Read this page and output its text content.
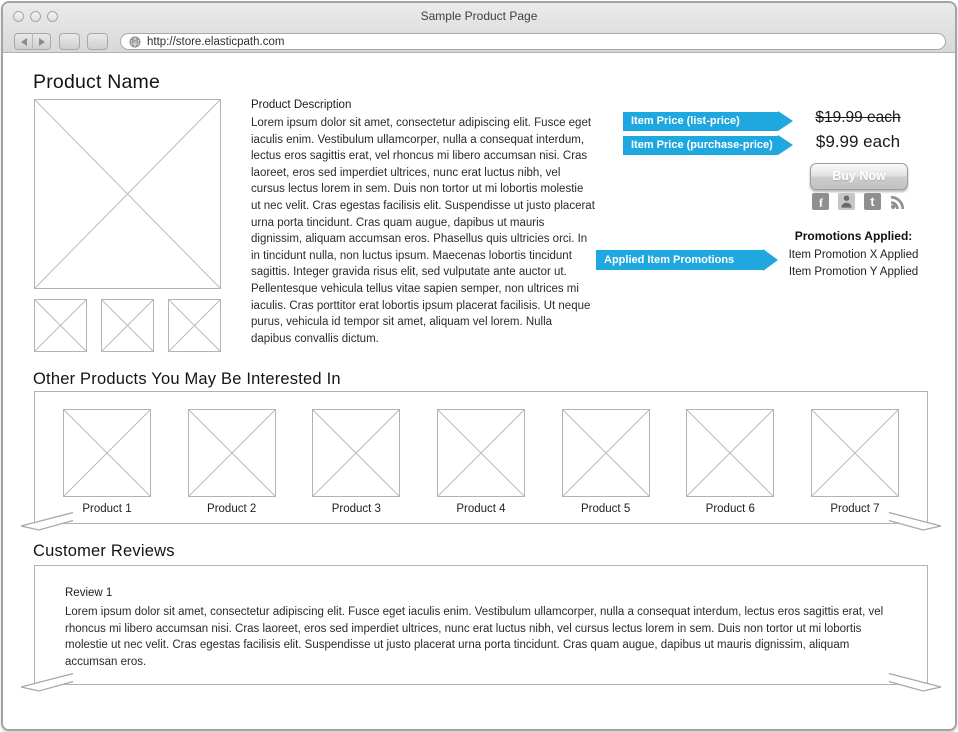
Sample Product Page
http://store.elasticpath.com
Product Name
Product Description
Lorem ipsum dolor sit amet, consectetur adipiscing elit. Fusce eget iaculis enim. Vestibulum ullamcorper, nulla a consequat interdum, lectus eros sagittis erat, vel rhoncus mi libero accumsan nisi. Cras laoreet, eros sed imperdiet ultrices, nunc erat luctus nibh, vel cursus lectus lorem in sem. Duis non tortor ut mi lobortis molestie ut nec velit. Cras egestas facilisis elit. Suspendisse ut justo placerat urna porta tincidunt. Cras quam augue, dapibus ut mauris dignissim, aliquam accumsan eros. Phasellus quis ultricies orci. In in tincidunt nulla, non luctus ipsum. Maecenas lobortis tincidunt sagittis. Integer gravida risus elit, sed vulputate ante auctor ut. Pellentesque vehicula tellus vitae sapien semper, non ultrices mi iaculis. Cras porttitor erat lobortis ipsum placerat facilisis. Ut neque purus, vehicula id tempor sit amet, aliquam vel lorem. Nulla dapibus convallis dictum.
Item Price (list-price)	$19.99 each
Item Price (purchase-price)	$9.99 each
Buy Now
f	t
Promotions Applied:
Item Promotion X Applied
Item Promotion Y Applied
Applied Item Promotions
Other Products You May Be Interested In
Product 1	Product 2	Product 3	Product 4	Product 5	Product 6	Product 7
Customer Reviews
Review 1
Lorem ipsum dolor sit amet, consectetur adipiscing elit. Fusce eget iaculis enim. Vestibulum ullamcorper, nulla a consequat interdum, lectus eros sagittis erat, vel rhoncus mi libero accumsan nisi. Cras laoreet, eros sed imperdiet ultrices, nunc erat luctus nibh, vel cursus lectus lorem in sem. Duis non tortor ut mi lobortis molestie ut nec velit. Cras egestas facilisis elit. Suspendisse ut justo placerat urna porta tincidunt. Cras quam augue, dapibus ut mauris dignissim, aliquam accumsan eros.
